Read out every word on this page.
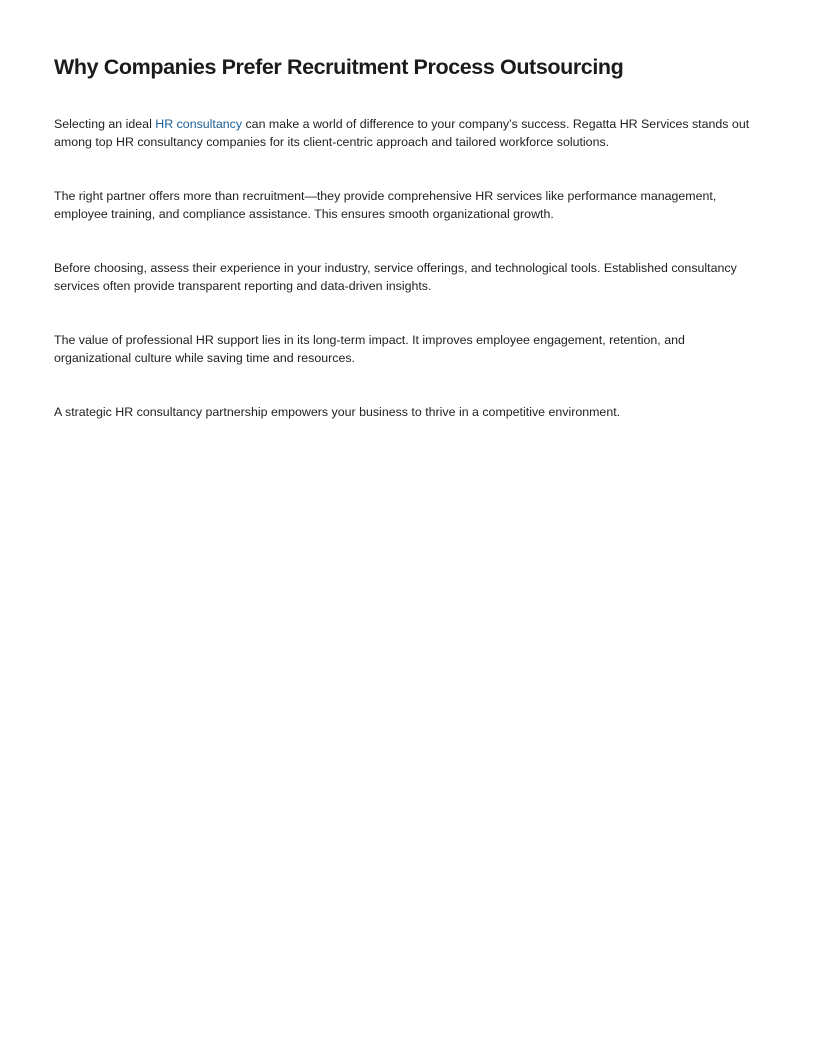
Why Companies Prefer Recruitment Process Outsourcing

Selecting an ideal HR consultancy can make a world of difference to your company’s success. Regatta HR Services stands out among top HR consultancy companies for its client-centric approach and tailored workforce solutions.

The right partner offers more than recruitment—they provide comprehensive HR services like performance management, employee training, and compliance assistance. This ensures smooth organizational growth.

Before choosing, assess their experience in your industry, service offerings, and technological tools. Established consultancy services often provide transparent reporting and data-driven insights.

The value of professional HR support lies in its long-term impact. It improves employee engagement, retention, and organizational culture while saving time and resources.

A strategic HR consultancy partnership empowers your business to thrive in a competitive environment.
